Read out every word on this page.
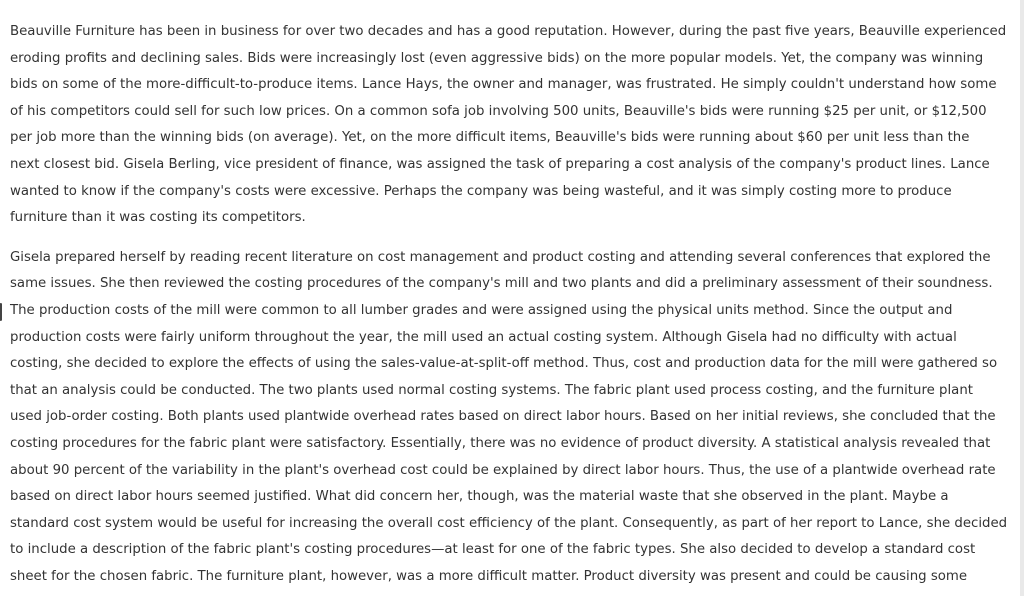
Beauville Furniture has been in business for over two decades and has a good reputation. However, during the past five years, Beauville experienced
eroding profits and declining sales. Bids were increasingly lost (even aggressive bids) on the more popular models. Yet, the company was winning
bids on some of the more-difficult-to-produce items. Lance Hays, the owner and manager, was frustrated. He simply couldn't understand how some
of his competitors could sell for such low prices. On a common sofa job involving 500 units, Beauville's bids were running $25 per unit, or $12,500
per job more than the winning bids (on average). Yet, on the more difficult items, Beauville's bids were running about $60 per unit less than the
next closest bid. Gisela Berling, vice president of finance, was assigned the task of preparing a cost analysis of the company's product lines. Lance
wanted to know if the company's costs were excessive. Perhaps the company was being wasteful, and it was simply costing more to produce
furniture than it was costing its competitors.

Gisela prepared herself by reading recent literature on cost management and product costing and attending several conferences that explored the
same issues. She then reviewed the costing procedures of the company's mill and two plants and did a preliminary assessment of their soundness.
The production costs of the mill were common to all lumber grades and were assigned using the physical units method. Since the output and
production costs were fairly uniform throughout the year, the mill used an actual costing system. Although Gisela had no difficulty with actual
costing, she decided to explore the effects of using the sales-value-at-split-off method. Thus, cost and production data for the mill were gathered so
that an analysis could be conducted. The two plants used normal costing systems. The fabric plant used process costing, and the furniture plant
used job-order costing. Both plants used plantwide overhead rates based on direct labor hours. Based on her initial reviews, she concluded that the
costing procedures for the fabric plant were satisfactory. Essentially, there was no evidence of product diversity. A statistical analysis revealed that
about 90 percent of the variability in the plant's overhead cost could be explained by direct labor hours. Thus, the use of a plantwide overhead rate
based on direct labor hours seemed justified. What did concern her, though, was the material waste that she observed in the plant. Maybe a
standard cost system would be useful for increasing the overall cost efficiency of the plant. Consequently, as part of her report to Lance, she decided
to include a description of the fabric plant's costing procedures—at least for one of the fabric types. She also decided to develop a standard cost
sheet for the chosen fabric. The furniture plant, however, was a more difficult matter. Product diversity was present and could be causing some
